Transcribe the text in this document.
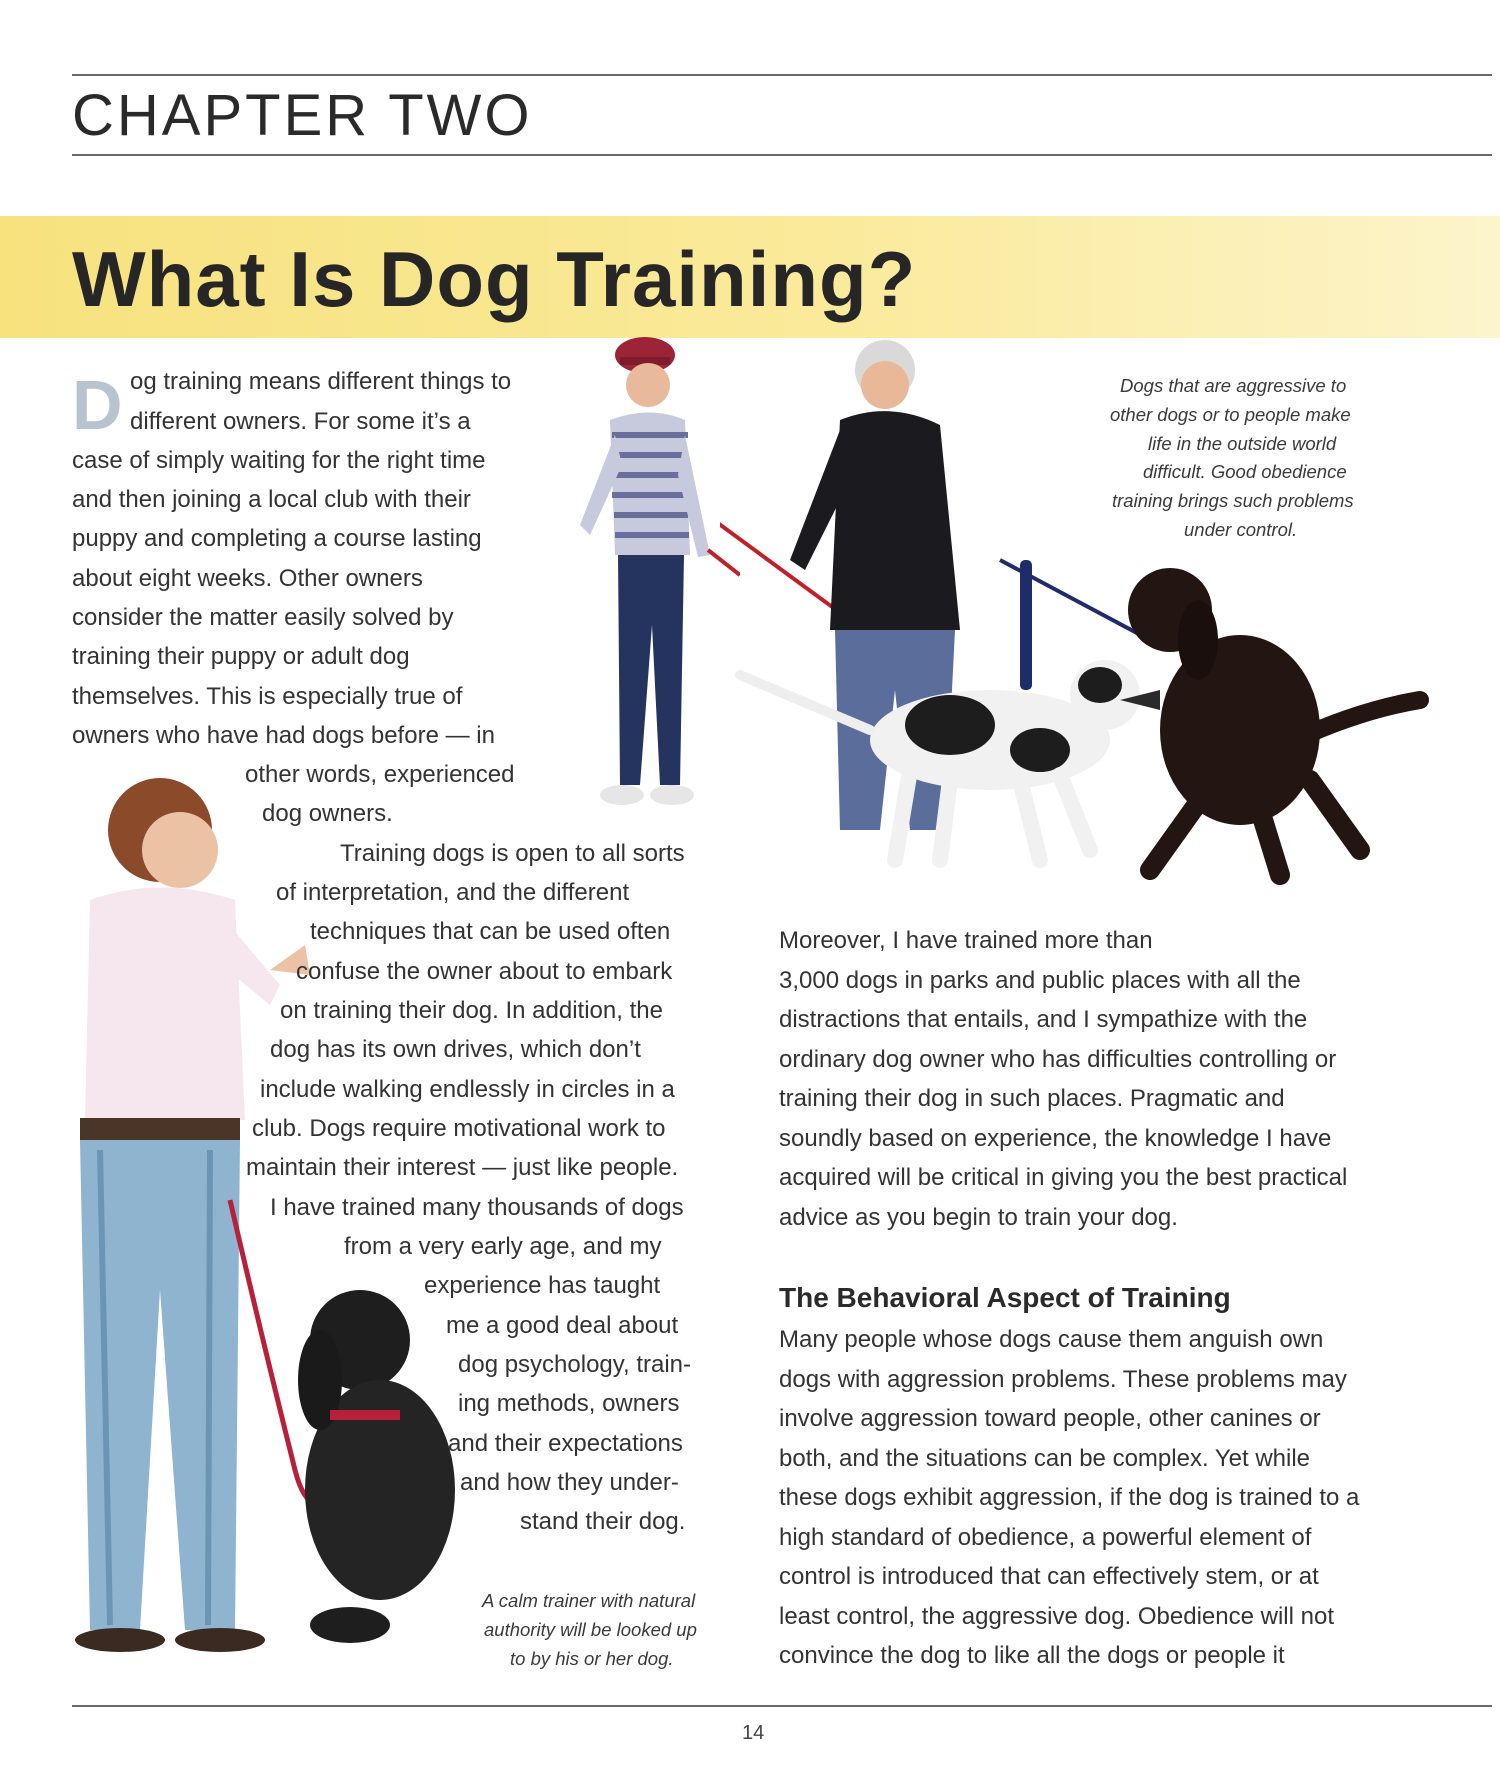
CHAPTER TWO
What Is Dog Training?
D og training means different things to

different owners. For some it’s a

case of simply waiting for the right time

and then joining a local club with their

puppy and completing a course lasting

about eight weeks. Other owners

consider the matter easily solved by

training their puppy or adult dog

themselves. This is especially true of

owners who have had dogs before — in

other words, experienced

dog owners.

Training dogs is open to all sorts

of interpretation, and the different

techniques that can be used often

confuse the owner about to embark

on training their dog. In addition, the

dog has its own drives, which don’t

include walking endlessly in circles in a

club. Dogs require motivational work to

maintain their interest — just like people.

I have trained many thousands of dogs

from a very early age, and my

experience has taught

me a good deal about

dog psychology, train-

ing methods, owners

and their expectations

and how they under-

stand their dog.

Dogs that are aggressive to

other dogs or to people make

life in the outside world

difficult. Good obedience

training brings such problems

under control.

A calm trainer with natural

authority will be looked up

to by his or her dog.

Moreover, I have trained more than

3,000 dogs in parks and public places with all the

distractions that entails, and I sympathize with the

ordinary dog owner who has difficulties controlling or

training their dog in such places. Pragmatic and

soundly based on experience, the knowledge I have

acquired will be critical in giving you the best practical

advice as you begin to train your dog.

The Behavioral Aspect of Training

Many people whose dogs cause them anguish own

dogs with aggression problems. These problems may

involve aggression toward people, other canines or

both, and the situations can be complex. Yet while

these dogs exhibit aggression, if the dog is trained to a

high standard of obedience, a powerful element of

control is introduced that can effectively stem, or at

least control, the aggressive dog. Obedience will not

convince the dog to like all the dogs or people it

14
